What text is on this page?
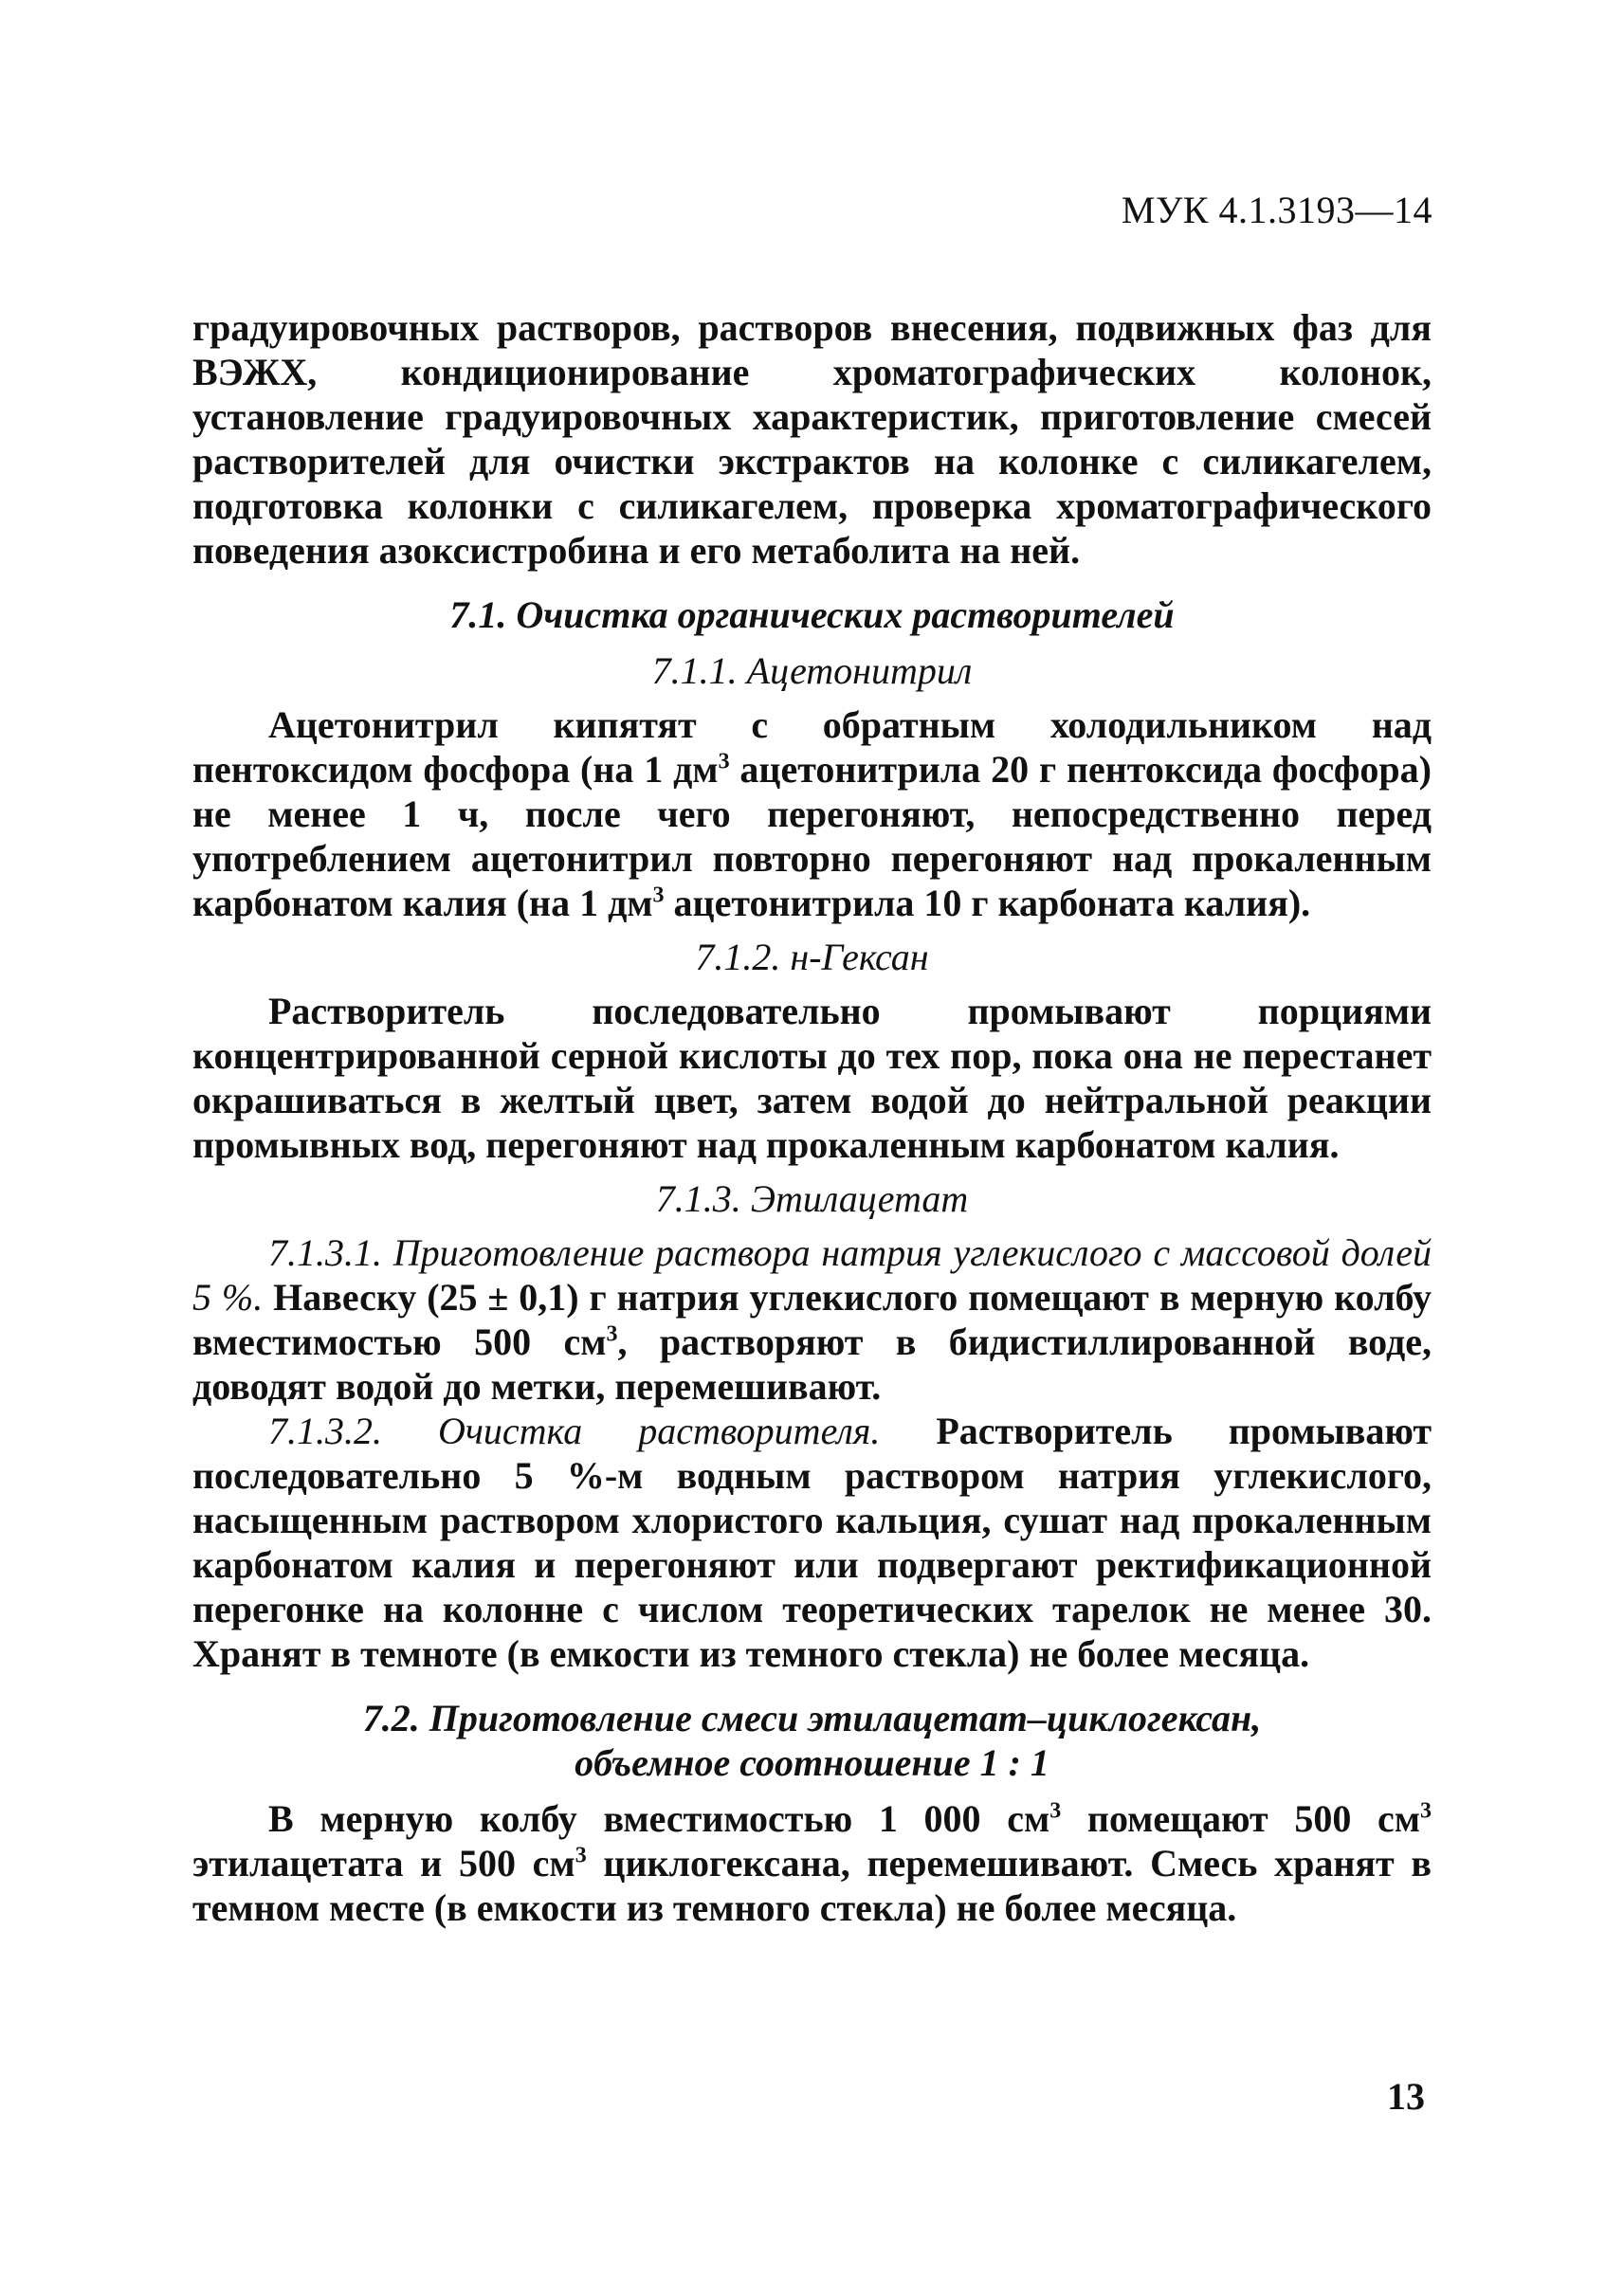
МУК 4.1.3193—14

градуировочных растворов, растворов внесения, подвижных фаз для ВЭЖХ, кондиционирование хроматографических колонок, установление градуировочных характеристик, приготовление смесей растворителей для очистки экстрактов на колонке с силикагелем, подготовка колонки с силикагелем, проверка хроматографического поведения азоксистробина и его метаболита на ней.

7.1. Очистка органических растворителей
7.1.1. Ацетонитрил

Ацетонитрил кипятят с обратным холодильником над пентоксидом фосфора (на 1 $дм^3$ ацетонитрила 20 г пентоксида фосфора) не менее 1 ч, после чего перегоняют, непосредственно перед употреблением ацетонитрил повторно перегоняют над прокаленным карбонатом калия (на 1 $дм^3$ ацетонитрила 10 г карбоната калия).

7.1.2. н-Гексан

Растворитель последовательно промывают порциями концентрированной серной кислоты до тех пор, пока она не перестанет окрашиваться в желтый цвет, затем водой до нейтральной реакции промывных вод, перегоняют над прокаленным карбонатом калия.

7.1.3. Этилацетат

7.1.3.1. Приготовление раствора натрия углекислого с массовой долей 5 %. Навеску (25 ± 0,1) г натрия углекислого помещают в мерную колбу вместимостью 500 $см^3$, растворяют в бидистиллированной воде, доводят водой до метки, перемешивают.

7.1.3.2. Очистка растворителя. Растворитель промывают последовательно 5 %-м водным раствором натрия углекислого, насыщенным раствором хлористого кальция, сушат над прокаленным карбонатом калия и перегоняют или подвергают ректификационной перегонке на колонне с числом теоретических тарелок не менее 30. Хранят в темноте (в емкости из темного стекла) не более месяца.

7.2. Приготовление смеси этилацетат–циклогексан,
объемное соотношение 1 : 1

В мерную колбу вместимостью 1 000 $см^3$ помещают 500 $см^3$ этилацетата и 500 $см^3$ циклогексана, перемешивают. Смесь хранят в темном месте (в емкости из темного стекла) не более месяца.

13
